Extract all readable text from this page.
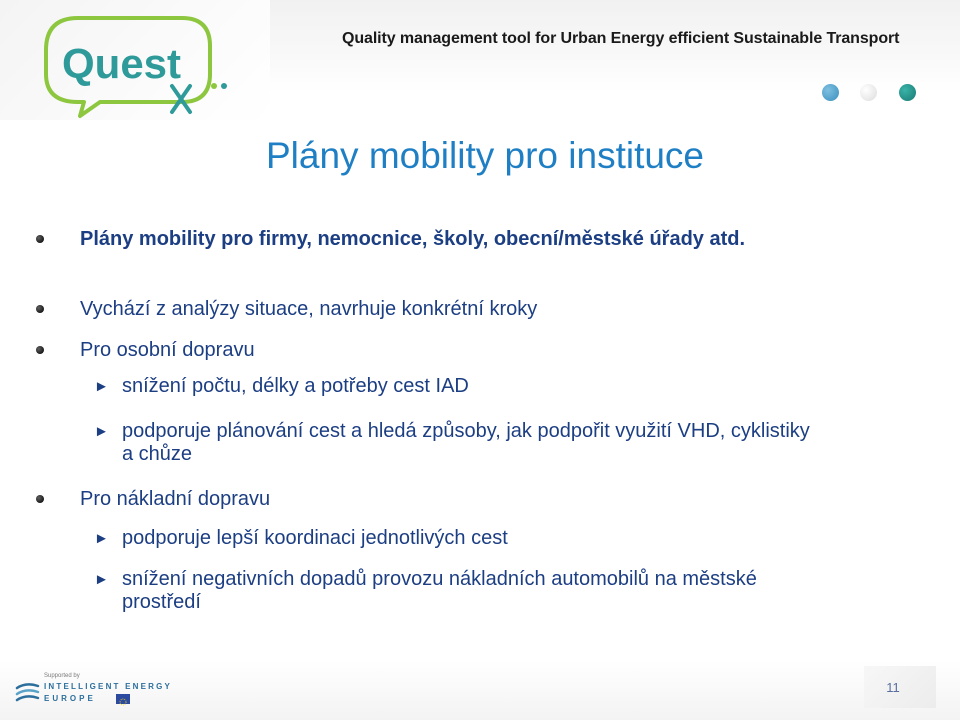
Quest
Quality management tool for Urban Energy efficient Sustainable Transport
Plány mobility pro instituce
Plány mobility pro firmy, nemocnice, školy, obecní/městské úřady atd.
Vychází z analýzy situace, navrhuje konkrétní kroky
Pro osobní dopravu
► snížení počtu, délky a potřeby cest IAD
► podporuje plánování cest a hledá způsoby, jak podpořit využití VHD, cyklistiky a chůze
Pro nákladní dopravu
► podporuje lepší koordinaci jednotlivých cest
► snížení negativních dopadů provozu nákladních automobilů na městské prostředí
Supported by
INTELLIGENT ENERGY
EUROPE
11
